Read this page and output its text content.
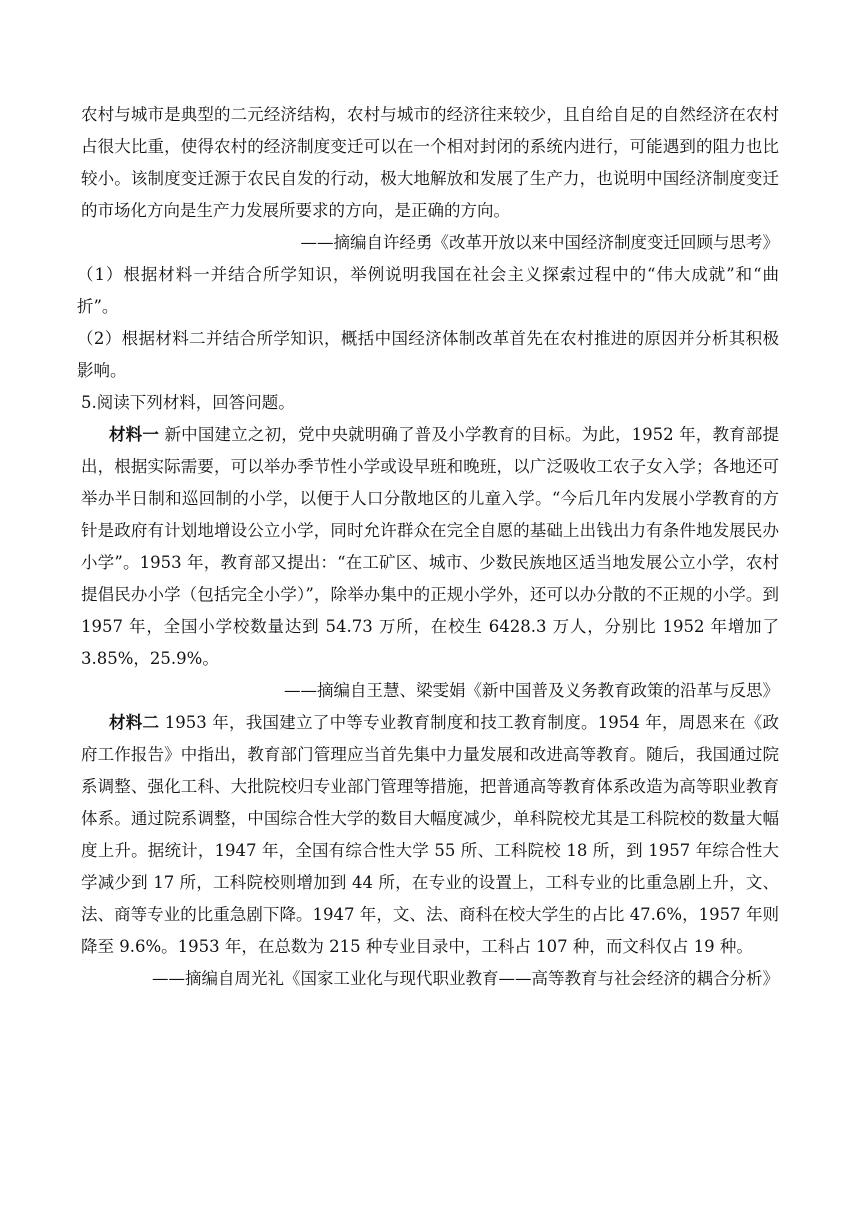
农村与城市是典型的二元经济结构，农村与城市的经济往来较少，且自给自足的自然经济在农村占很大比重，使得农村的经济制度变迁可以在一个相对封闭的系统内进行，可能遇到的阻力也比较小。该制度变迁源于农民自发的行动，极大地解放和发展了生产力，也说明中国经济制度变迁的市场化方向是生产力发展所要求的方向，是正确的方向。

——摘编自许经勇《改革开放以来中国经济制度变迁回顾与思考》

（1）根据材料一并结合所学知识，举例说明我国在社会主义探索过程中的“伟大成就”和“曲折”。

（2）根据材料二并结合所学知识，概括中国经济体制改革首先在农村推进的原因并分析其积极影响。

5.阅读下列材料，回答问题。

材料一 新中国建立之初，党中央就明确了普及小学教育的目标。为此，1952 年，教育部提出，根据实际需要，可以举办季节性小学或设早班和晚班，以广泛吸收工农子女入学；各地还可举办半日制和巡回制的小学，以便于人口分散地区的儿童入学。“今后几年内发展小学教育的方针是政府有计划地增设公立小学，同时允许群众在完全自愿的基础上出钱出力有条件地发展民办小学”。1953 年，教育部又提出：“在工矿区、城市、少数民族地区适当地发展公立小学，农村提倡民办小学（包括完全小学）”，除举办集中的正规小学外，还可以办分散的不正规的小学。到 1957 年，全国小学校数量达到 54.73 万所，在校生 6428.3 万人，分别比 1952 年增加了 3.85%，25.9%。

——摘编自王慧、梁雯娟《新中国普及义务教育政策的沿革与反思》

材料二 1953 年，我国建立了中等专业教育制度和技工教育制度。1954 年，周恩来在《政府工作报告》中指出，教育部门管理应当首先集中力量发展和改进高等教育。随后，我国通过院系调整、强化工科、大批院校归专业部门管理等措施，把普通高等教育体系改造为高等职业教育体系。通过院系调整，中国综合性大学的数目大幅度减少，单科院校尤其是工科院校的数量大幅度上升。据统计，1947 年，全国有综合性大学 55 所、工科院校 18 所，到 1957 年综合性大学减少到 17 所，工科院校则增加到 44 所，在专业的设置上，工科专业的比重急剧上升，文、法、商等专业的比重急剧下降。1947 年，文、法、商科在校大学生的占比 47.6%，1957 年则降至 9.6%。1953 年，在总数为 215 种专业目录中，工科占 107 种，而文科仅占 19 种。

——摘编自周光礼《国家工业化与现代职业教育——高等教育与社会经济的耦合分析》
